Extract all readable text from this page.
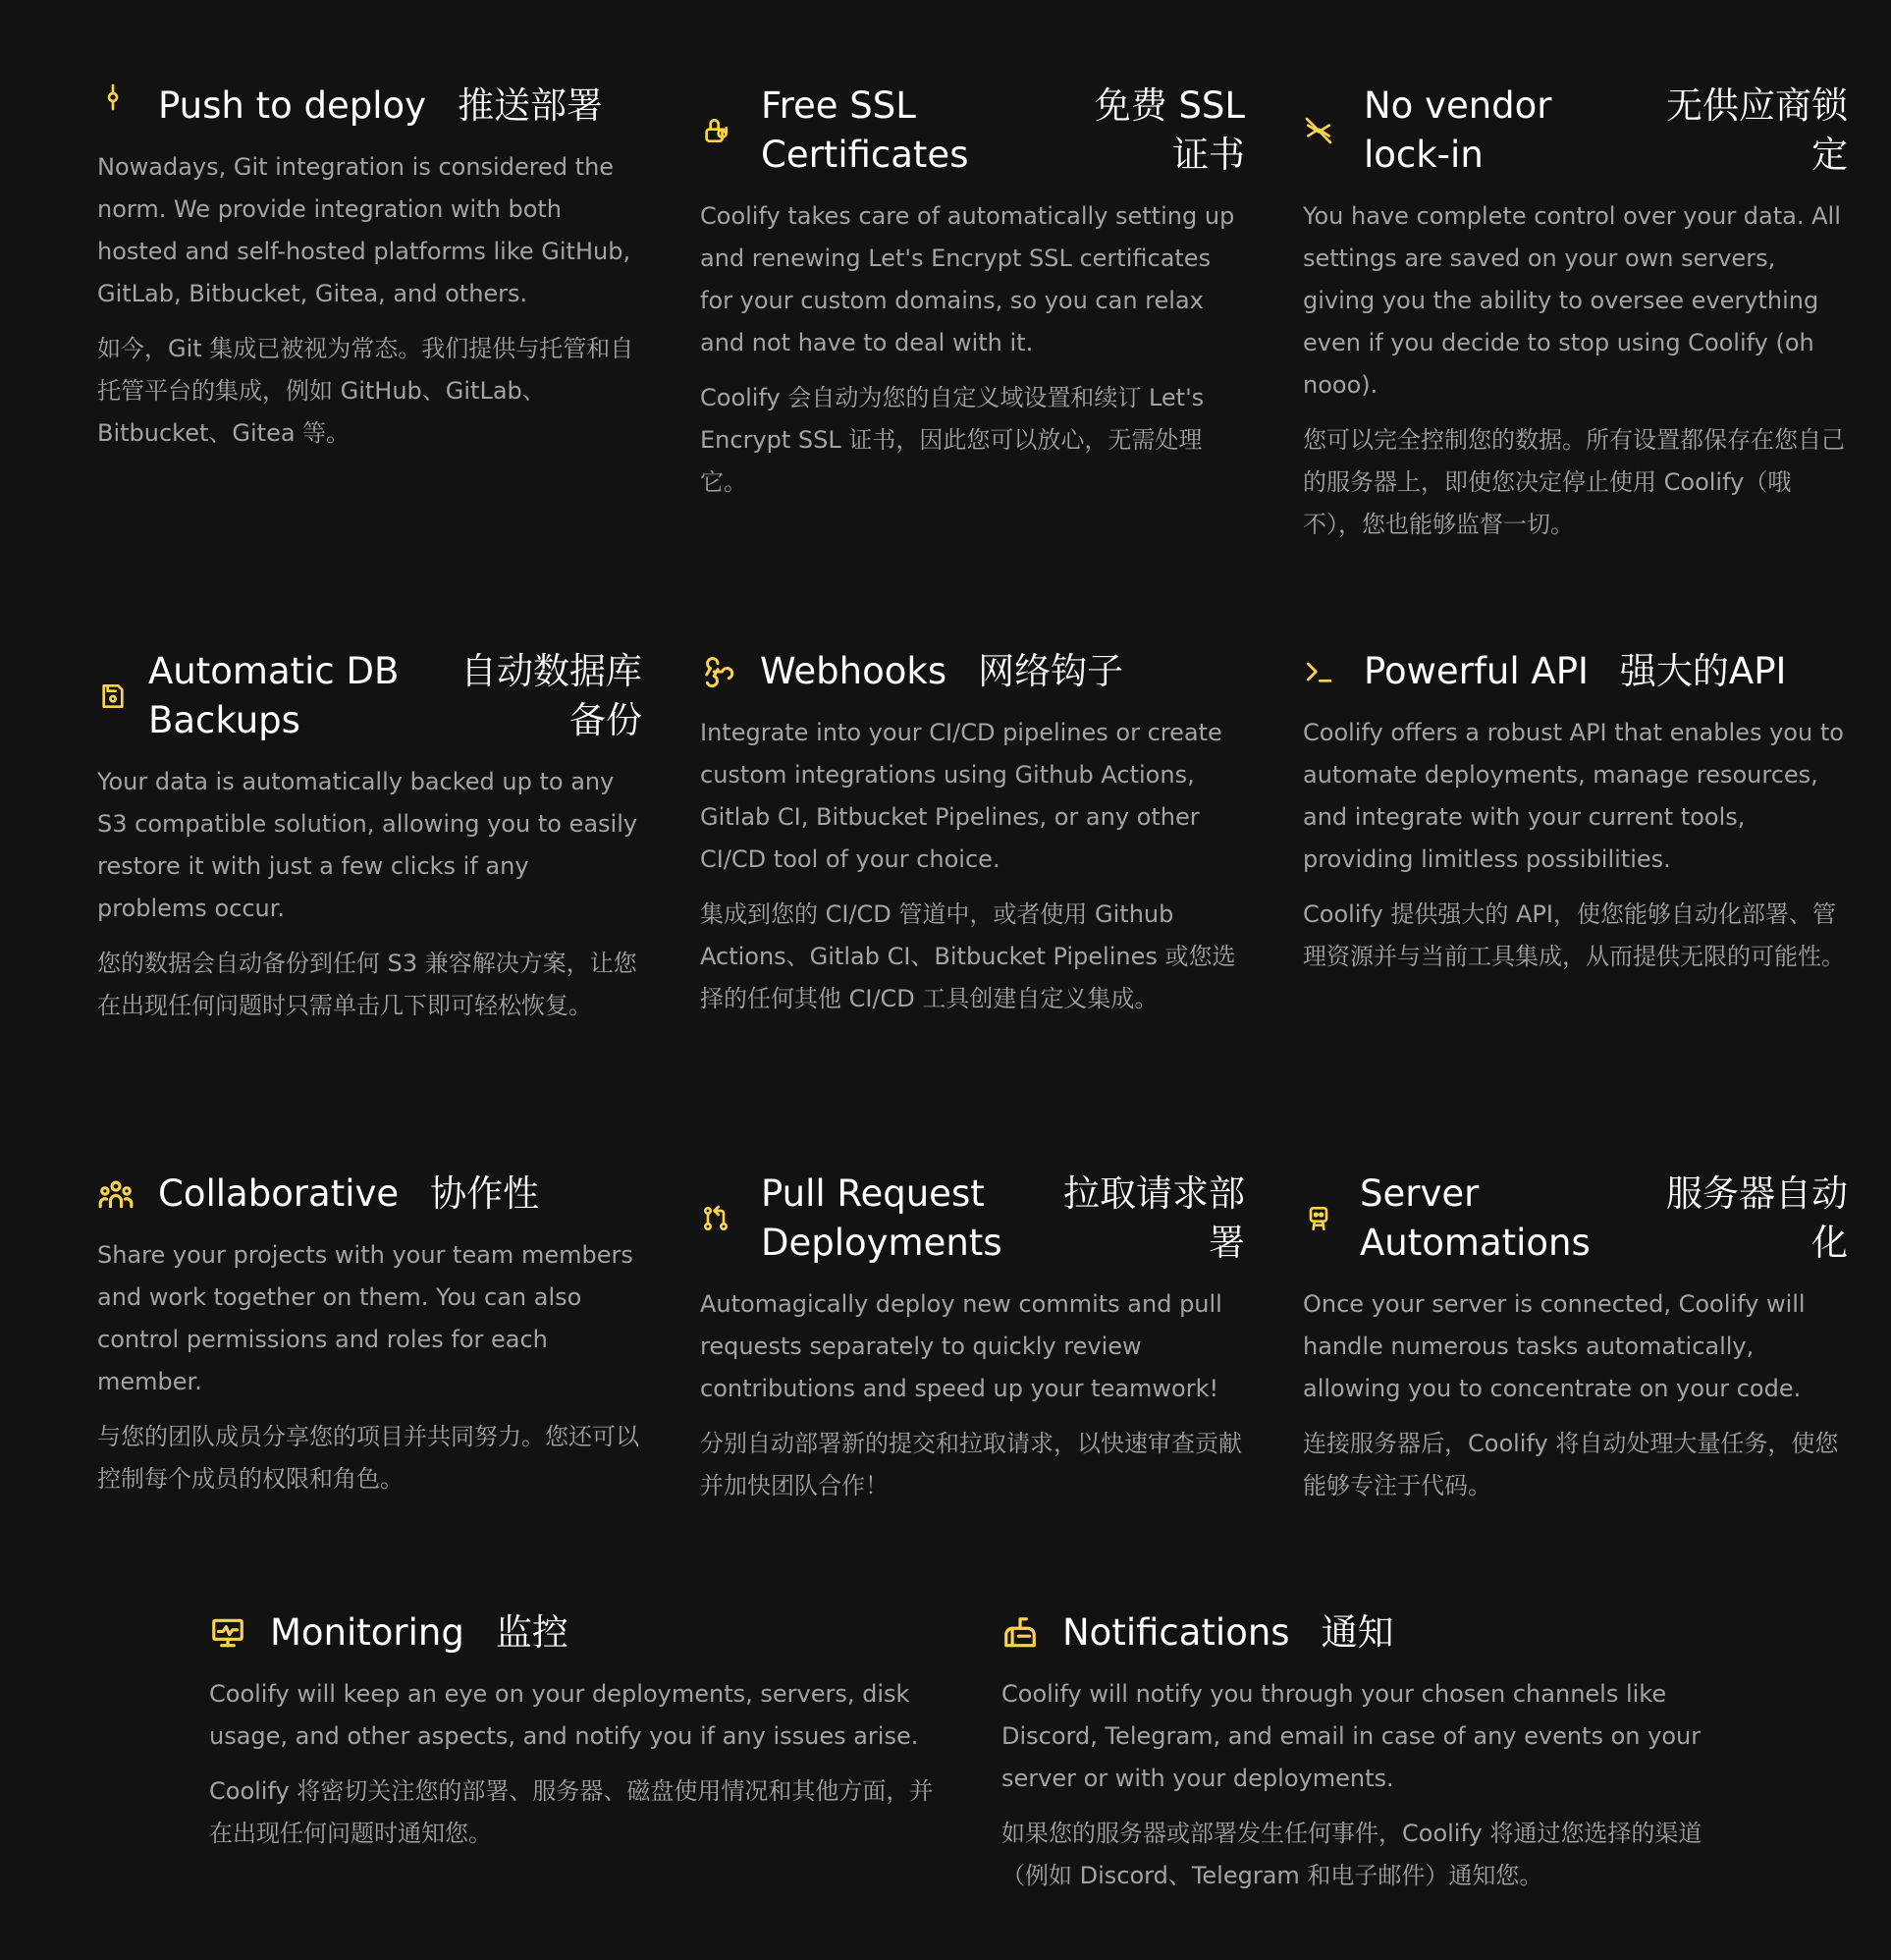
Push to deploy 推送部署

Nowadays, Git integration is considered the norm. We provide integration with both hosted and self-hosted platforms like GitHub, GitLab, Bitbucket, Gitea, and others.

如今，Git 集成已被视为常态。我们提供与托管和自托管平台的集成，例如 GitHub、GitLab、Bitbucket、Gitea 等。

Free SSL Certificates
免费 SSL 证书

Coolify takes care of automatically setting up and renewing Let's Encrypt SSL certificates for your custom domains, so you can relax and not have to deal with it.

Coolify 会自动为您的自定义域设置和续订 Let's Encrypt SSL 证书，因此您可以放心，无需处理它。

No vendor lock-in
无供应商锁定

You have complete control over your data. All settings are saved on your own servers, giving you the ability to oversee everything even if you decide to stop using Coolify (oh nooo).

您可以完全控制您的数据。所有设置都保存在您自己的服务器上，即使您决定停止使用 Coolify（哦不），您也能够监督一切。

Automatic DB Backups
自动数据库备份

Your data is automatically backed up to any S3 compatible solution, allowing you to easily restore it with just a few clicks if any problems occur.

您的数据会自动备份到任何 S3 兼容解决方案，让您在出现任何问题时只需单击几下即可轻松恢复。

Webhooks 网络钩子

Integrate into your CI/CD pipelines or create custom integrations using Github Actions, Gitlab CI, Bitbucket Pipelines, or any other CI/CD tool of your choice.

集成到您的 CI/CD 管道中，或者使用 Github Actions、Gitlab CI、Bitbucket Pipelines 或您选择的任何其他 CI/CD 工具创建自定义集成。

Powerful API 强大的API

Coolify offers a robust API that enables you to automate deployments, manage resources, and integrate with your current tools, providing limitless possibilities.

Coolify 提供强大的 API，使您能够自动化部署、管理资源并与当前工具集成，从而提供无限的可能性。

Collaborative 协作性

Share your projects with your team members and work together on them. You can also control permissions and roles for each member.

与您的团队成员分享您的项目并共同努力。您还可以控制每个成员的权限和角色。

Pull Request Deployments
拉取请求部署

Automagically deploy new commits and pull requests separately to quickly review contributions and speed up your teamwork!

分别自动部署新的提交和拉取请求，以快速审查贡献并加快团队合作！

Server Automations
服务器自动化

Once your server is connected, Coolify will handle numerous tasks automatically, allowing you to concentrate on your code.

连接服务器后，Coolify 将自动处理大量任务，使您能够专注于代码。

Monitoring 监控

Coolify will keep an eye on your deployments, servers, disk usage, and other aspects, and notify you if any issues arise.

Coolify 将密切关注您的部署、服务器、磁盘使用情况和其他方面，并在出现任何问题时通知您。

Notifications 通知

Coolify will notify you through your chosen channels like Discord, Telegram, and email in case of any events on your server or with your deployments.

如果您的服务器或部署发生任何事件，Coolify 将通过您选择的渠道（例如 Discord、Telegram 和电子邮件）通知您。
